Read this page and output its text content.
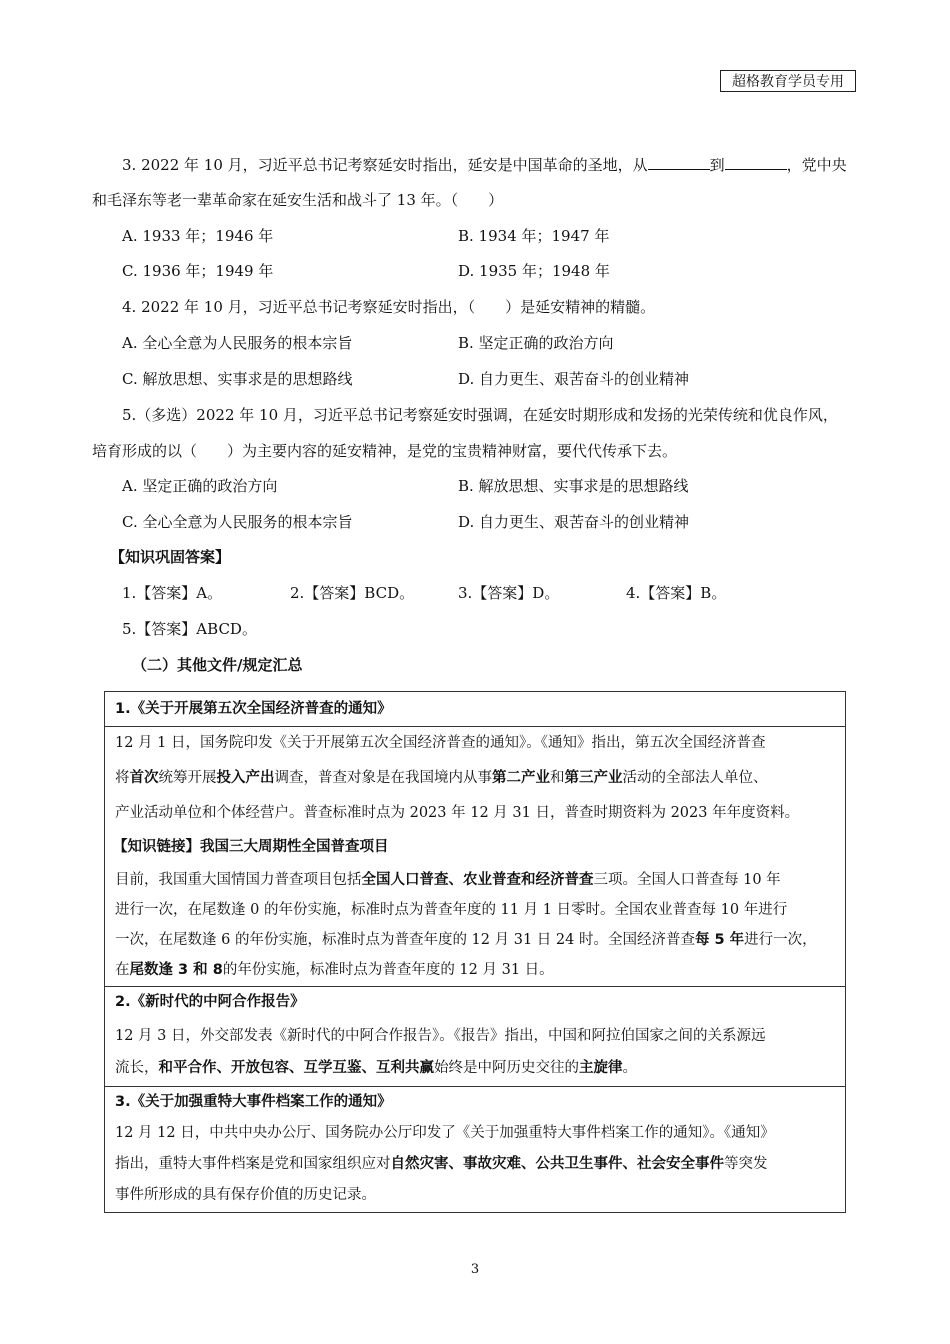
超格教育学员专用
3. 2022 年 10 月，习近平总书记考察延安时指出，延安是中国革命的圣地，从	到	，党中央
和毛泽东等老一辈革命家在延安生活和战斗了 13 年。（　　）
A. 1933 年；1946 年	B. 1934 年；1947 年
C. 1936 年；1949 年	D. 1935 年；1948 年
4. 2022 年 10 月，习近平总书记考察延安时指出，（　　）是延安精神的精髓。
A. 全心全意为人民服务的根本宗旨	B. 坚定正确的政治方向
C. 解放思想、实事求是的思想路线	D. 自力更生、艰苦奋斗的创业精神
5.（多选）2022 年 10 月，习近平总书记考察延安时强调，在延安时期形成和发扬的光荣传统和优良作风，
培育形成的以（　　）为主要内容的延安精神，是党的宝贵精神财富，要代代传承下去。
A. 坚定正确的政治方向	B. 解放思想、实事求是的思想路线
C. 全心全意为人民服务的根本宗旨	D. 自力更生、艰苦奋斗的创业精神
【知识巩固答案】
1.【答案】A。	2.【答案】BCD。	3.【答案】D。	4.【答案】B。
5.【答案】ABCD。
（二）其他文件/规定汇总
1.《关于开展第五次全国经济普查的通知》
12 月 1 日，国务院印发《关于开展第五次全国经济普查的通知》。《通知》指出，第五次全国经济普查
将首次统筹开展投入产出调查，普查对象是在我国境内从事第二产业和第三产业活动的全部法人单位、
产业活动单位和个体经营户。普查标准时点为 2023 年 12 月 31 日，普查时期资料为 2023 年年度资料。
【知识链接】我国三大周期性全国普查项目
目前，我国重大国情国力普查项目包括全国人口普查、农业普查和经济普查三项。全国人口普查每 10 年
进行一次，在尾数逢 0 的年份实施，标准时点为普查年度的 11 月 1 日零时。全国农业普查每 10 年进行
一次，在尾数逢 6 的年份实施，标准时点为普查年度的 12 月 31 日 24 时。全国经济普查每 5 年进行一次，
在尾数逢 3 和 8的年份实施，标准时点为普查年度的 12 月 31 日。
2.《新时代的中阿合作报告》
12 月 3 日，外交部发表《新时代的中阿合作报告》。《报告》指出，中国和阿拉伯国家之间的关系源远
流长，和平合作、开放包容、互学互鉴、互利共赢始终是中阿历史交往的主旋律。
3.《关于加强重特大事件档案工作的通知》
12 月 12 日，中共中央办公厅、国务院办公厅印发了《关于加强重特大事件档案工作的通知》。《通知》
指出，重特大事件档案是党和国家组织应对自然灾害、事故灾难、公共卫生事件、社会安全事件等突发
事件所形成的具有保存价值的历史记录。
3
